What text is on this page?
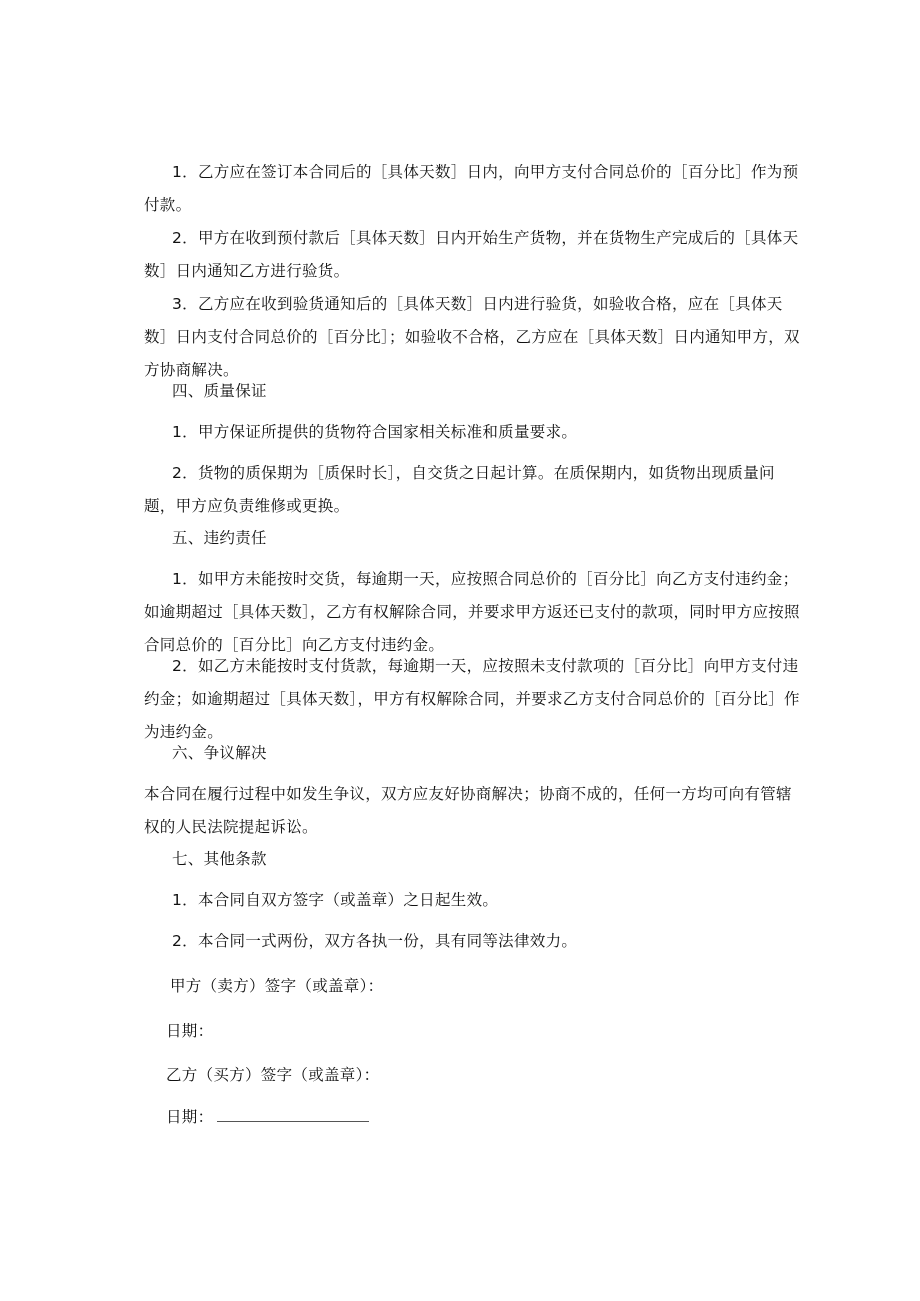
1．乙方应在签订本合同后的［具体天数］日内，向甲方支付合同总价的［百分比］作为预付款。

2．甲方在收到预付款后［具体天数］日内开始生产货物，并在货物生产完成后的［具体天数］日内通知乙方进行验货。

3．乙方应在收到验货通知后的［具体天数］日内进行验货，如验收合格，应在［具体天数］日内支付合同总价的［百分比］；如验收不合格，乙方应在［具体天数］日内通知甲方，双方协商解决。

四、质量保证

1．甲方保证所提供的货物符合国家相关标准和质量要求。

2．货物的质保期为［质保时长］，自交货之日起计算。在质保期内，如货物出现质量问题，甲方应负责维修或更换。

五、违约责任

1．如甲方未能按时交货，每逾期一天，应按照合同总价的［百分比］向乙方支付违约金；如逾期超过［具体天数］，乙方有权解除合同，并要求甲方返还已支付的款项，同时甲方应按照合同总价的［百分比］向乙方支付违约金。

2．如乙方未能按时支付货款，每逾期一天，应按照未支付款项的［百分比］向甲方支付违约金；如逾期超过［具体天数］，甲方有权解除合同，并要求乙方支付合同总价的［百分比］作为违约金。

六、争议解决

本合同在履行过程中如发生争议，双方应友好协商解决；协商不成的，任何一方均可向有管辖权的人民法院提起诉讼。

七、其他条款

1．本合同自双方签字（或盖章）之日起生效。

2．本合同一式两份，双方各执一份，具有同等法律效力。

甲方（卖方）签字（或盖章）：
日期：
乙方（买方）签字（或盖章）：
日期：
